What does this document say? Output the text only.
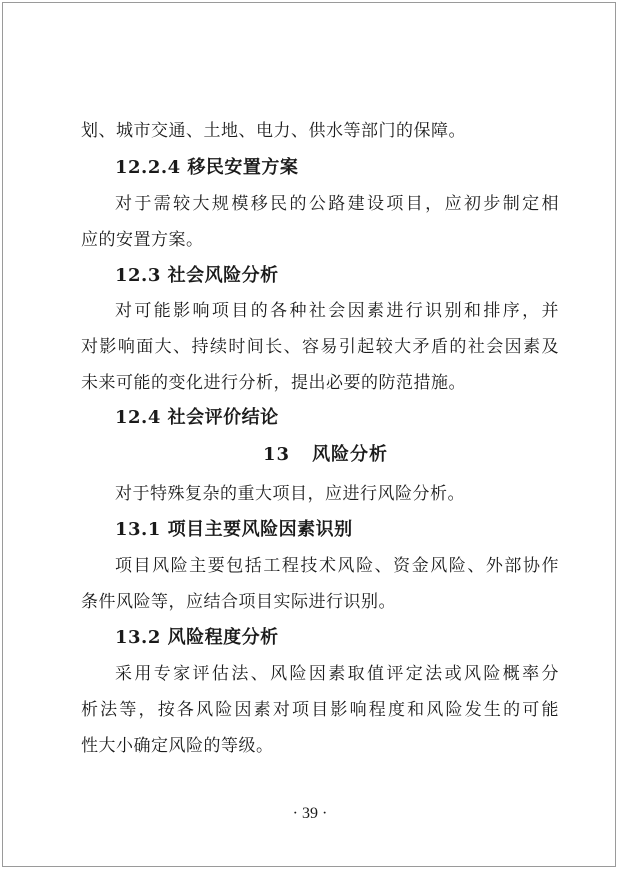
划、城市交通、土地、电力、供水等部门的保障。
12.2.4 移民安置方案
对于需较大规模移民的公路建设项目，应初步制定相
应的安置方案。
12.3 社会风险分析
对可能影响项目的各种社会因素进行识别和排序，并
对影响面大、持续时间长、容易引起较大矛盾的社会因素及
未来可能的变化进行分析，提出必要的防范措施。
12.4 社会评价结论
13 风险分析
对于特殊复杂的重大项目，应进行风险分析。
13.1 项目主要风险因素识别
项目风险主要包括工程技术风险、资金风险、外部协作
条件风险等，应结合项目实际进行识别。
13.2 风险程度分析
采用专家评估法、风险因素取值评定法或风险概率分
析法等，按各风险因素对项目影响程度和风险发生的可能
性大小确定风险的等级。
· 39 ·
